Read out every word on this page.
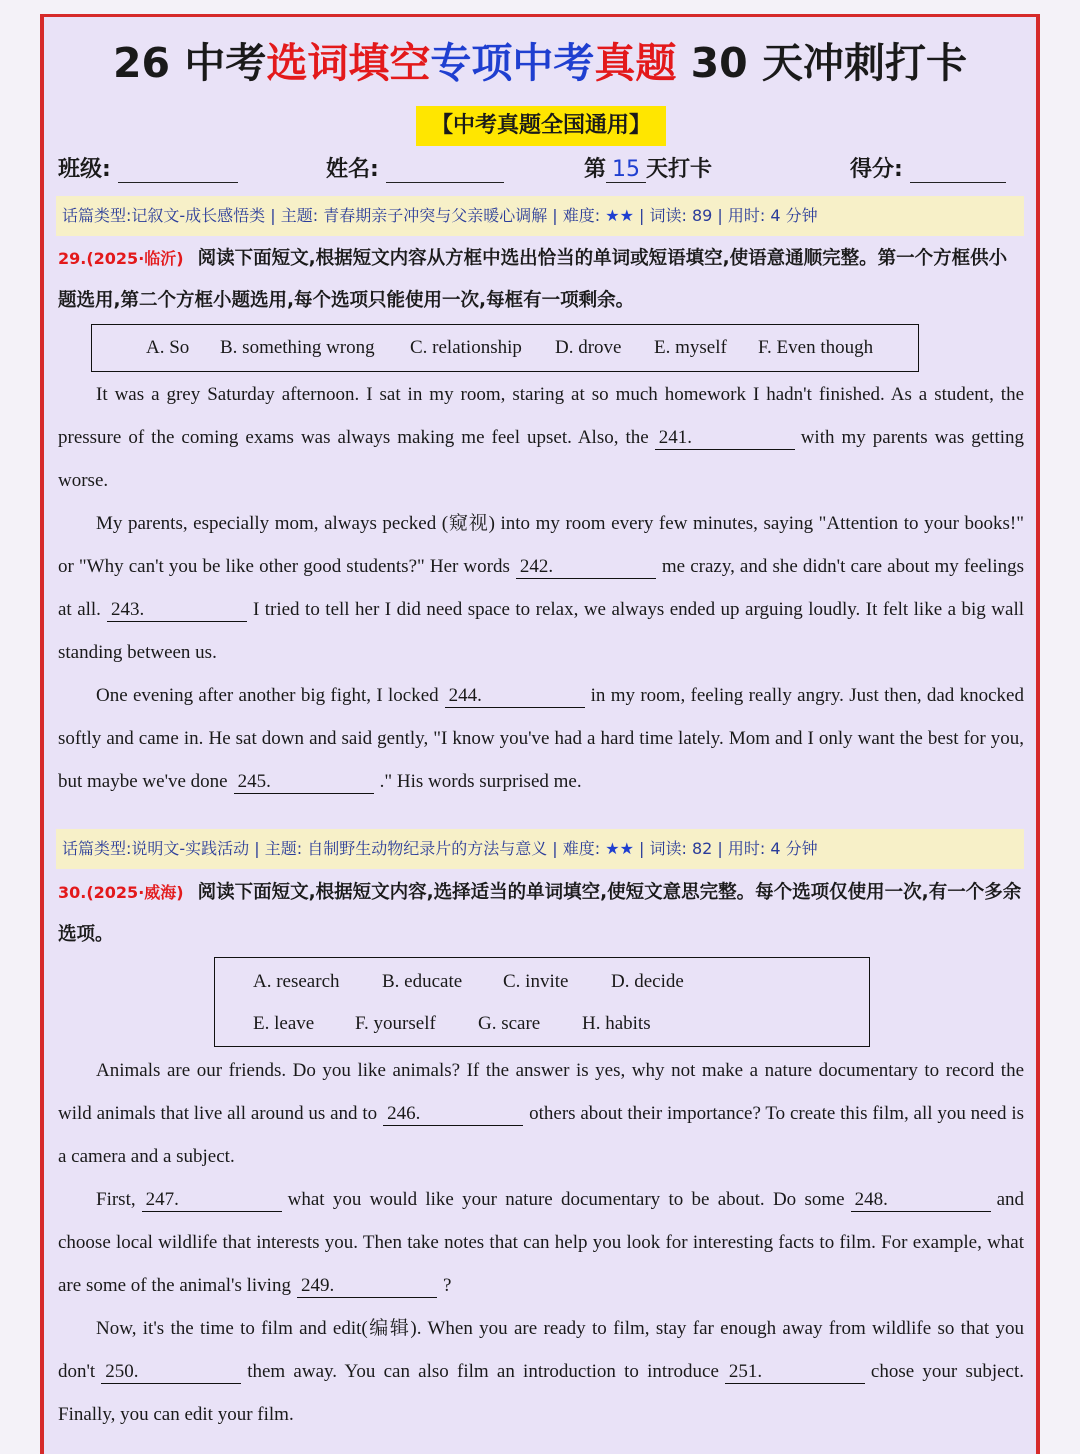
26 中考选词填空专项中考真题 30 天冲刺打卡
【中考真题全国通用】
班级:	姓名:	第 15 天打卡	得分:
话篇类型:记叙文-成长感悟类 | 主题: 青春期亲子冲突与父亲暖心调解 | 难度: ★★ | 词读: 89 | 用时: 4 分钟
29.(2025·临沂) 阅读下面短文,根据短文内容从方框中选出恰当的单词或短语填空,使语意通顺完整。第一个方框供小题选用,第二个方框小题选用,每个选项只能使用一次,每框有一项剩余。
A. So B. something wrong C. relationship D. drove E. myself F. Even though

It was a grey Saturday afternoon. I sat in my room, staring at so much homework I hadn't finished. As a student, the pressure of the coming exams was always making me feel upset. Also, the 241.	with my parents was getting worse.

My parents, especially mom, always pecked (窥视) into my room every few minutes, saying "Attention to your books!" or "Why can't you be like other good students?" Her words 242.	me crazy, and she didn't care about my feelings at all. 243.	I tried to tell her I did need space to relax, we always ended up arguing loudly. It felt like a big wall standing between us.

One evening after another big fight, I locked 244.	in my room, feeling really angry. Just then, dad knocked softly and came in. He sat down and said gently, "I know you've had a hard time lately. Mom and I only want the best for you, but maybe we've done 245.	." His words surprised me.

话篇类型:说明文-实践活动 | 主题: 自制野生动物纪录片的方法与意义 | 难度: ★★ | 词读: 82 | 用时: 4 分钟
30.(2025·威海) 阅读下面短文,根据短文内容,选择适当的单词填空,使短文意思完整。每个选项仅使用一次,有一个多余选项。
A. research B. educate C. invite D. decide
E. leave F. yourself G. scare H. habits

Animals are our friends. Do you like animals? If the answer is yes, why not make a nature documentary to record the wild animals that live all around us and to 246.	others about their importance? To create this film, all you need is a camera and a subject.

First, 247.	what you would like your nature documentary to be about. Do some 248.	and choose local wildlife that interests you. Then take notes that can help you look for interesting facts to film. For example, what are some of the animal's living 249.	?

Now, it's the time to film and edit(编辑). When you are ready to film, stay far enough away from wildlife so that you don't 250.	them away. You can also film an introduction to introduce 251.	chose your subject. Finally, you can edit your film.
